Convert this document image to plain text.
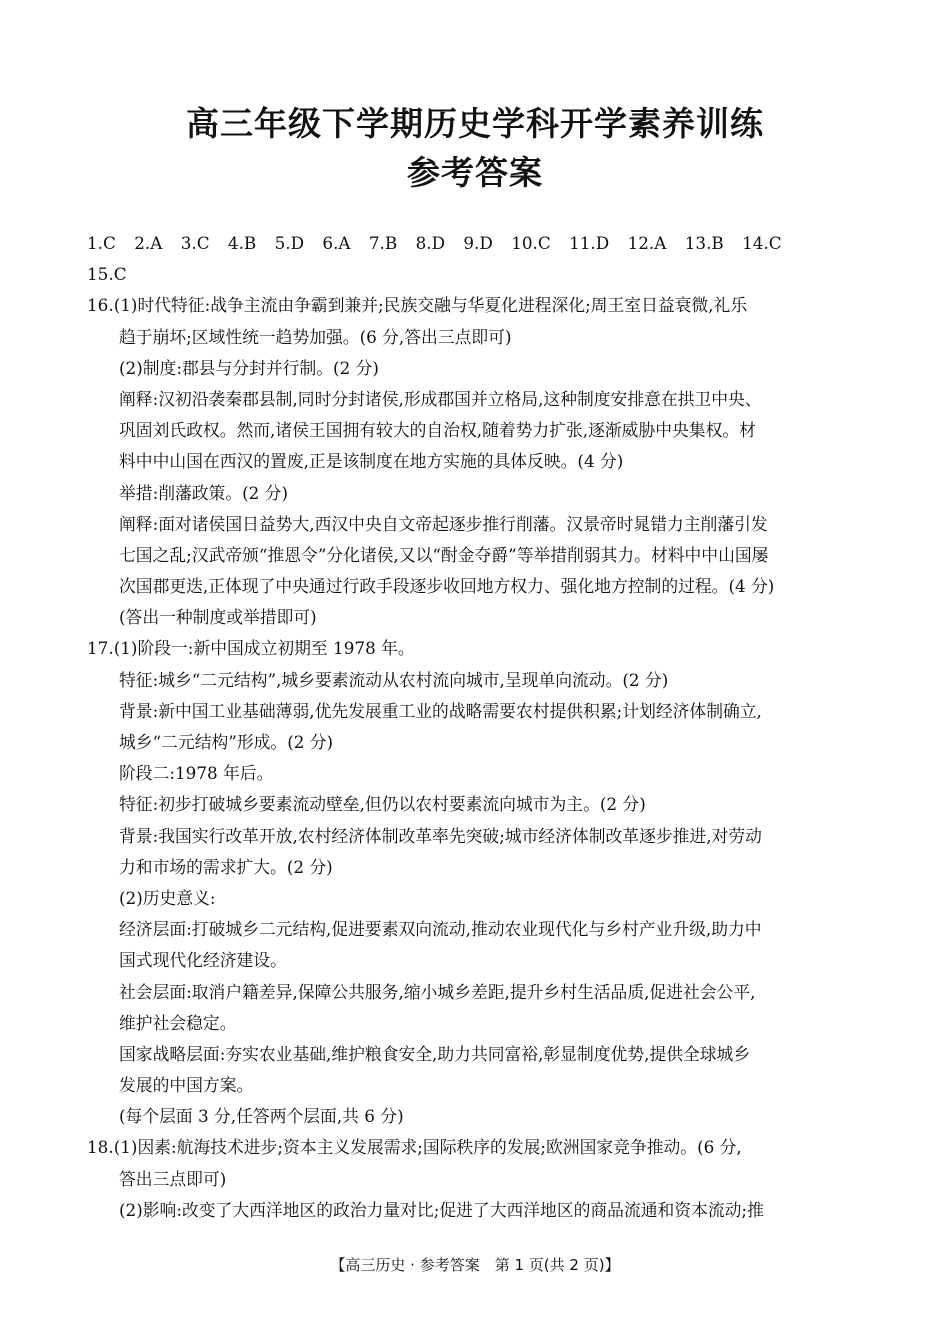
高三年级下学期历史学科开学素养训练
参考答案
1.C 2.A 3.C 4.B 5.D 6.A 7.B 8.D 9.D 10.C 11.D 12.A 13.B 14.C
15.C
16.(1)时代特征:战争主流由争霸到兼并;民族交融与华夏化进程深化;周王室日益衰微,礼乐
趋于崩坏;区域性统一趋势加强。(6 分,答出三点即可)
(2)制度:郡县与分封并行制。(2 分)
阐释:汉初沿袭秦郡县制,同时分封诸侯,形成郡国并立格局,这种制度安排意在拱卫中央、
巩固刘氏政权。然而,诸侯王国拥有较大的自治权,随着势力扩张,逐渐威胁中央集权。材
料中中山国在西汉的置废,正是该制度在地方实施的具体反映。(4 分)
举措:削藩政策。(2 分)
阐释:面对诸侯国日益势大,西汉中央自文帝起逐步推行削藩。汉景帝时晁错力主削藩引发
七国之乱;汉武帝颁“推恩令”分化诸侯,又以“酎金夺爵”等举措削弱其力。材料中中山国屡
次国郡更迭,正体现了中央通过行政手段逐步收回地方权力、强化地方控制的过程。(4 分)
(答出一种制度或举措即可)
17.(1)阶段一:新中国成立初期至 1978 年。
特征:城乡“二元结构”,城乡要素流动从农村流向城市,呈现单向流动。(2 分)
背景:新中国工业基础薄弱,优先发展重工业的战略需要农村提供积累;计划经济体制确立,
城乡“二元结构”形成。(2 分)
阶段二:1978 年后。
特征:初步打破城乡要素流动壁垒,但仍以农村要素流向城市为主。(2 分)
背景:我国实行改革开放,农村经济体制改革率先突破;城市经济体制改革逐步推进,对劳动
力和市场的需求扩大。(2 分)
(2)历史意义:
经济层面:打破城乡二元结构,促进要素双向流动,推动农业现代化与乡村产业升级,助力中
国式现代化经济建设。
社会层面:取消户籍差异,保障公共服务,缩小城乡差距,提升乡村生活品质,促进社会公平,
维护社会稳定。
国家战略层面:夯实农业基础,维护粮食安全,助力共同富裕,彰显制度优势,提供全球城乡
发展的中国方案。
(每个层面 3 分,任答两个层面,共 6 分)
18.(1)因素:航海技术进步;资本主义发展需求;国际秩序的发展;欧洲国家竞争推动。(6 分,
答出三点即可)
(2)影响:改变了大西洋地区的政治力量对比;促进了大西洋地区的商品流通和资本流动;推
【高三历史 · 参考答案　第 1 页(共 2 页)】
